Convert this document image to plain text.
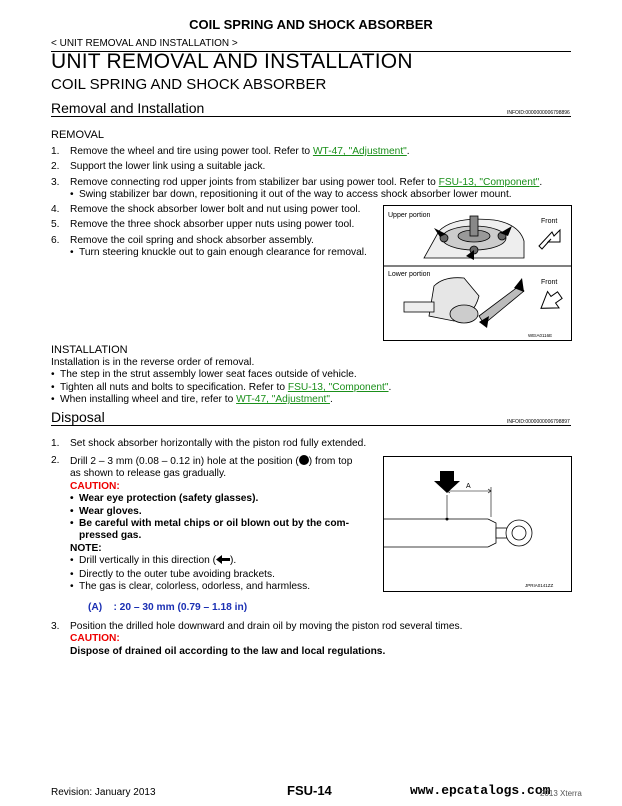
COIL SPRING AND SHOCK ABSORBER
< UNIT REMOVAL AND INSTALLATION >
UNIT REMOVAL AND INSTALLATION
COIL SPRING AND SHOCK ABSORBER
Removal and Installation	INFOID:0000000006798896
REMOVAL
1. Remove the wheel and tire using power tool. Refer to WT-47, "Adjustment".
2. Support the lower link using a suitable jack.
3. Remove connecting rod upper joints from stabilizer bar using power tool. Refer to FSU-13, "Component".
• Swing stabilizer bar down, repositioning it out of the way to access shock absorber lower mount.
4. Remove the shock absorber lower bolt and nut using power tool.
5. Remove the three shock absorber upper nuts using power tool.
6. Remove the coil spring and shock absorber assembly.
• Turn steering knuckle out to gain enough clearance for removal.
Upper portion
Front
Lower portion
Front
WEIA0116E
INSTALLATION
Installation is in the reverse order of removal.
• The step in the strut assembly lower seat faces outside of vehicle.
• Tighten all nuts and bolts to specification. Refer to FSU-13, "Component".
• When installing wheel and tire, refer to WT-47, "Adjustment".
Disposal	INFOID:0000000006798897
1. Set shock absorber horizontally with the piston rod fully extended.
2. Drill 2 – 3 mm (0.08 – 0.12 in) hole at the position ( ) from top
as shown to release gas gradually.
CAUTION:
• Wear eye protection (safety glasses).
• Wear gloves.
• Be careful with metal chips or oil blown out by the com-
pressed gas.
NOTE:
• Drill vertically in this direction ( ).
• Directly to the outer tube avoiding brackets.
• The gas is clear, colorless, odorless, and harmless.
A
JPRIA0141ZZ
(A)    : 20 – 30 mm (0.79 – 1.18 in)
3. Position the drilled hole downward and drain oil by moving the piston rod several times.
CAUTION:
Dispose of drained oil according to the law and local regulations.
Revision: January 2013	FSU-14	www.epcatalogs.com
2013 Xterra
